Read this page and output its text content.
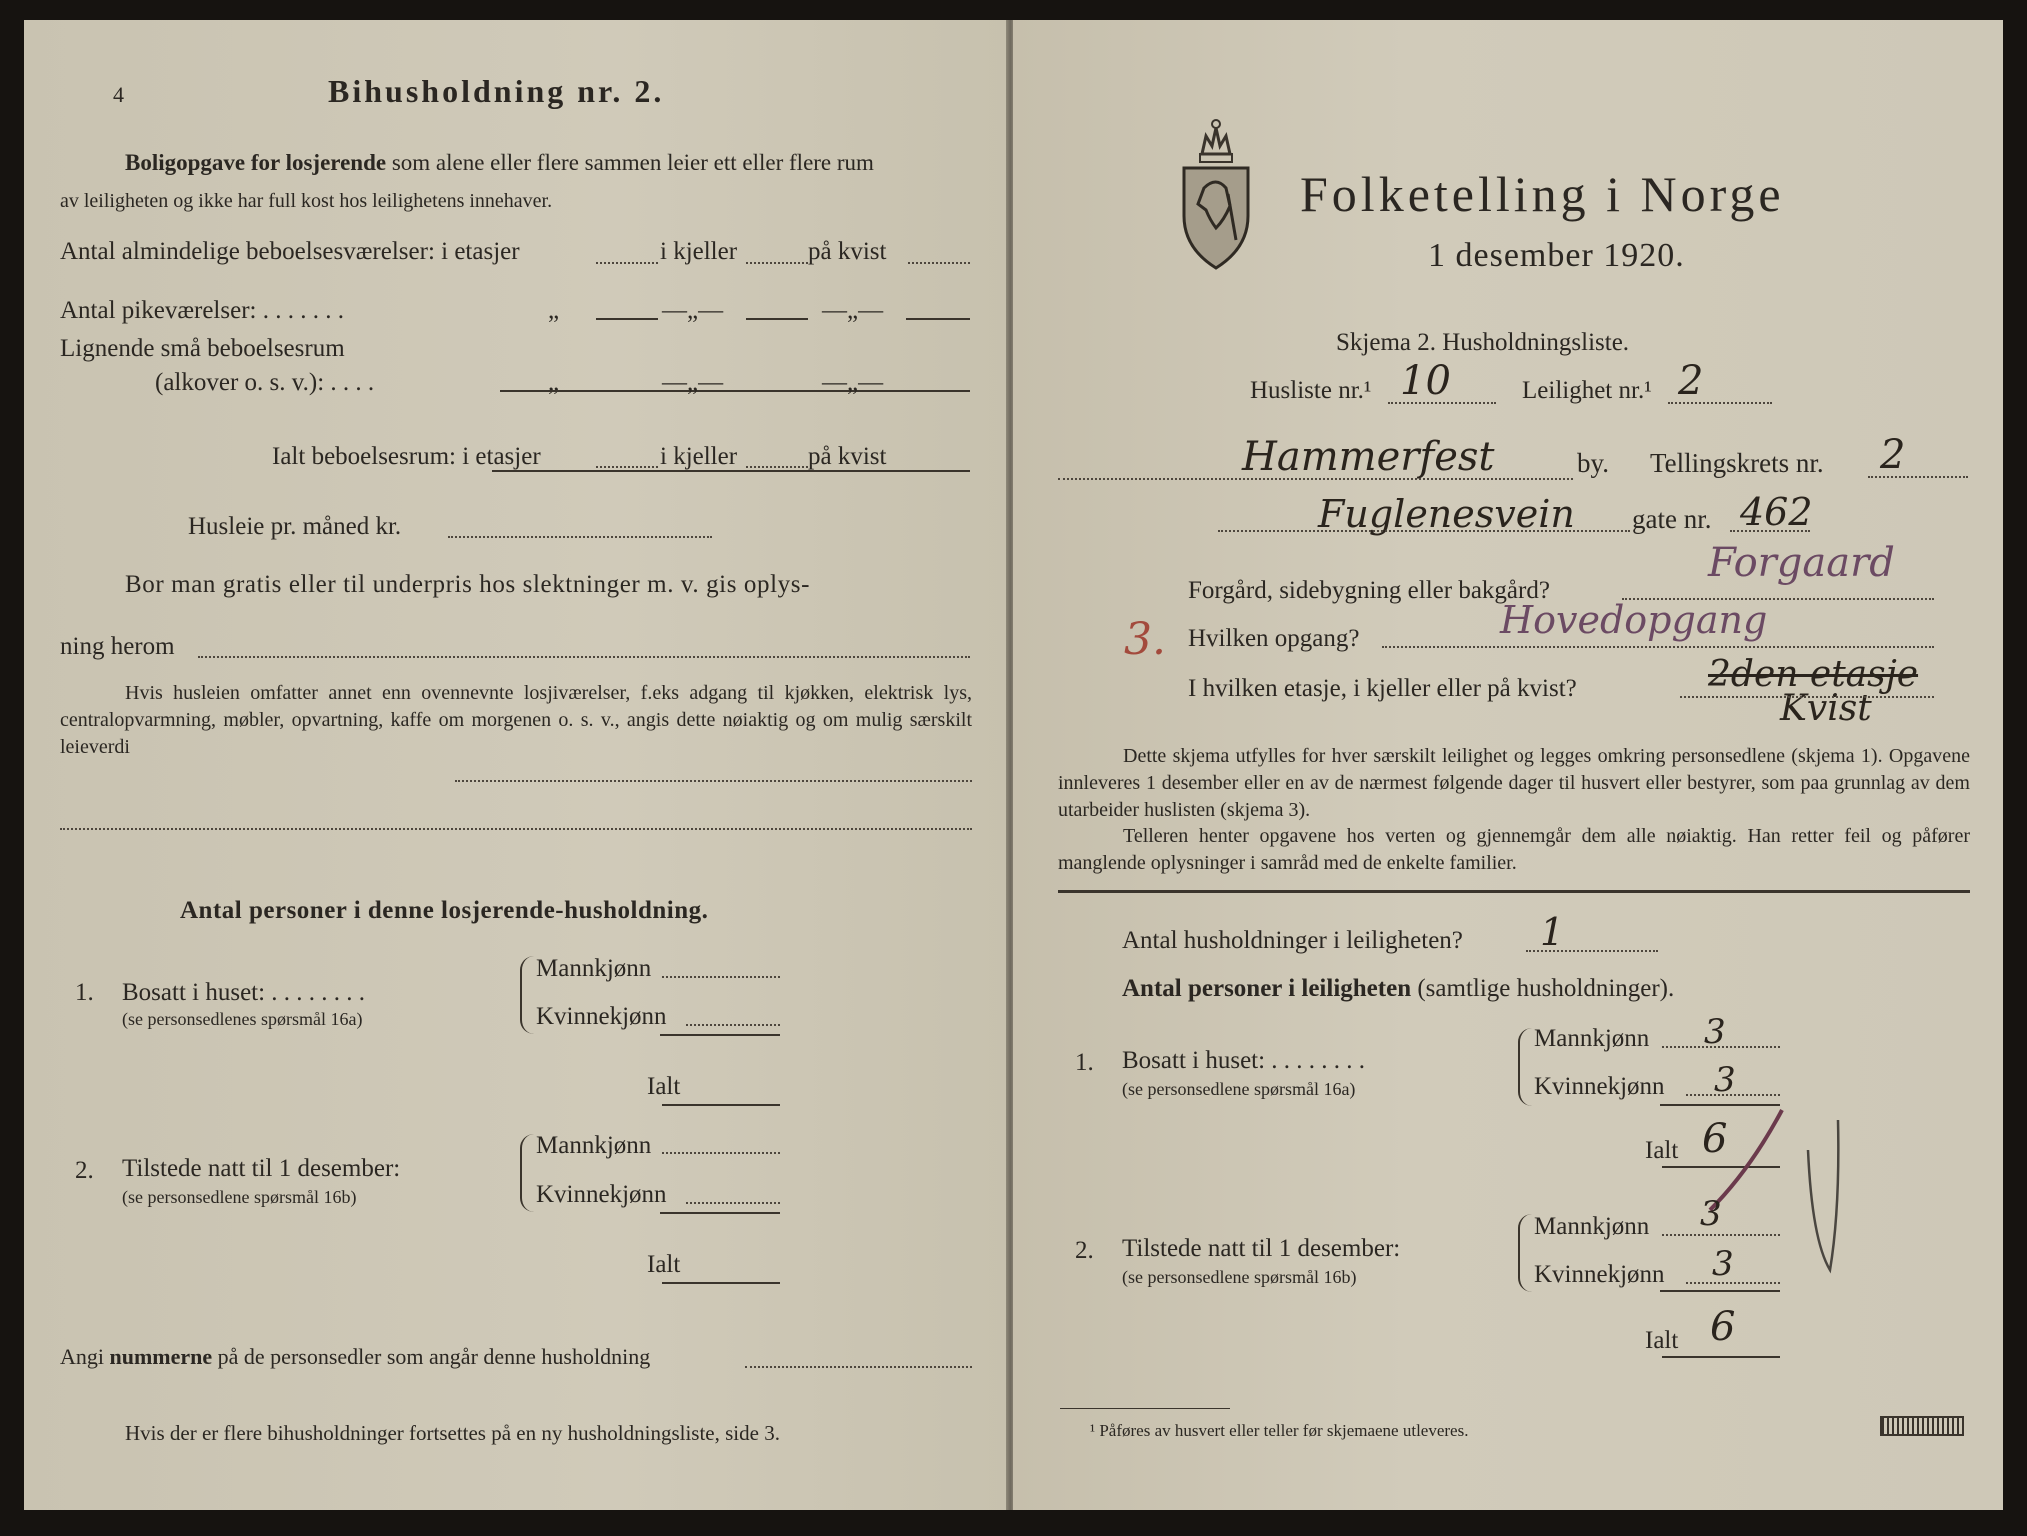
4	Bihusholdning nr. 2.
Boligopgave for losjerende som alene eller flere sammen leier ett eller flere rum
av leiligheten og ikke har full kost hos leilighetens innehaver.
Antal almindelige beboelsesværelser: i etasjer	i kjeller	på kvist
Antal pikeværelser: . . . . . . .	„	—„—	—„—
Lignende små beboelsesrum
(alkover o. s. v.): . . . .	„	—„—	—„—
Ialt beboelsesrum: i etasjer	i kjeller	på kvist
Husleie pr. måned kr.
Bor man gratis eller til underpris hos slektninger m. v. gis oplys-
ning herom
Hvis husleien omfatter annet enn ovennevnte losjiværelser, f.eks adgang til kjøkken, elektrisk lys, centralopvarmning, møbler, opvartning, kaffe om morgenen o. s. v., angis dette nøiaktig og om mulig særskilt leieverdi
Antal personer i denne losjerende-husholdning.
1. Bosatt i huset: . . . . . . . .
(se personsedlenes spørsmål 16a)
Mannkjønn
Kvinnekjønn
Ialt
2. Tilstede natt til 1 desember:
(se personsedlene spørsmål 16b)
Mannkjønn
Kvinnekjønn
Ialt
Angi nummerne på de personsedler som angår denne husholdning
Hvis der er flere bihusholdninger fortsettes på en ny husholdningsliste, side 3.
Folketelling i Norge
1 desember 1920.
Skjema 2. Husholdningsliste.
Husliste nr.¹ 10	Leilighet nr.¹ 2
Hammerfest	by. Tellingskrets nr. 2
Fuglenesvein gate nr. 462
Forgård, sidebygning eller bakgård?
Forgaard
3. Hvilken opgang?	Hovedopgang
I hvilken etasje, i kjeller eller på kvist?	2den etasje
Kvist
Dette skjema utfylles for hver særskilt leilighet og legges omkring personsedlene (skjema 1). Opgavene innleveres 1 desember eller en av de nærmest følgende dager til husvert eller bestyrer, som paa grunnlag av dem utarbeider huslisten (skjema 3).
Telleren henter opgavene hos verten og gjennemgår dem alle nøiaktig. Han retter feil og påfører manglende oplysninger i samråd med de enkelte familier.
Antal husholdninger i leiligheten? 1
Antal personer i leiligheten (samtlige husholdninger).
1. Bosatt i huset: . . . . . . . .
(se personsedlene spørsmål 16a)
Mannkjønn 3
Kvinnekjønn 3
Ialt 6
2. Tilstede natt til 1 desember:
(se personsedlene spørsmål 16b)
Mannkjønn 3
Kvinnekjønn 3
Ialt 6
¹ Påføres av husvert eller teller før skjemaene utleveres.
